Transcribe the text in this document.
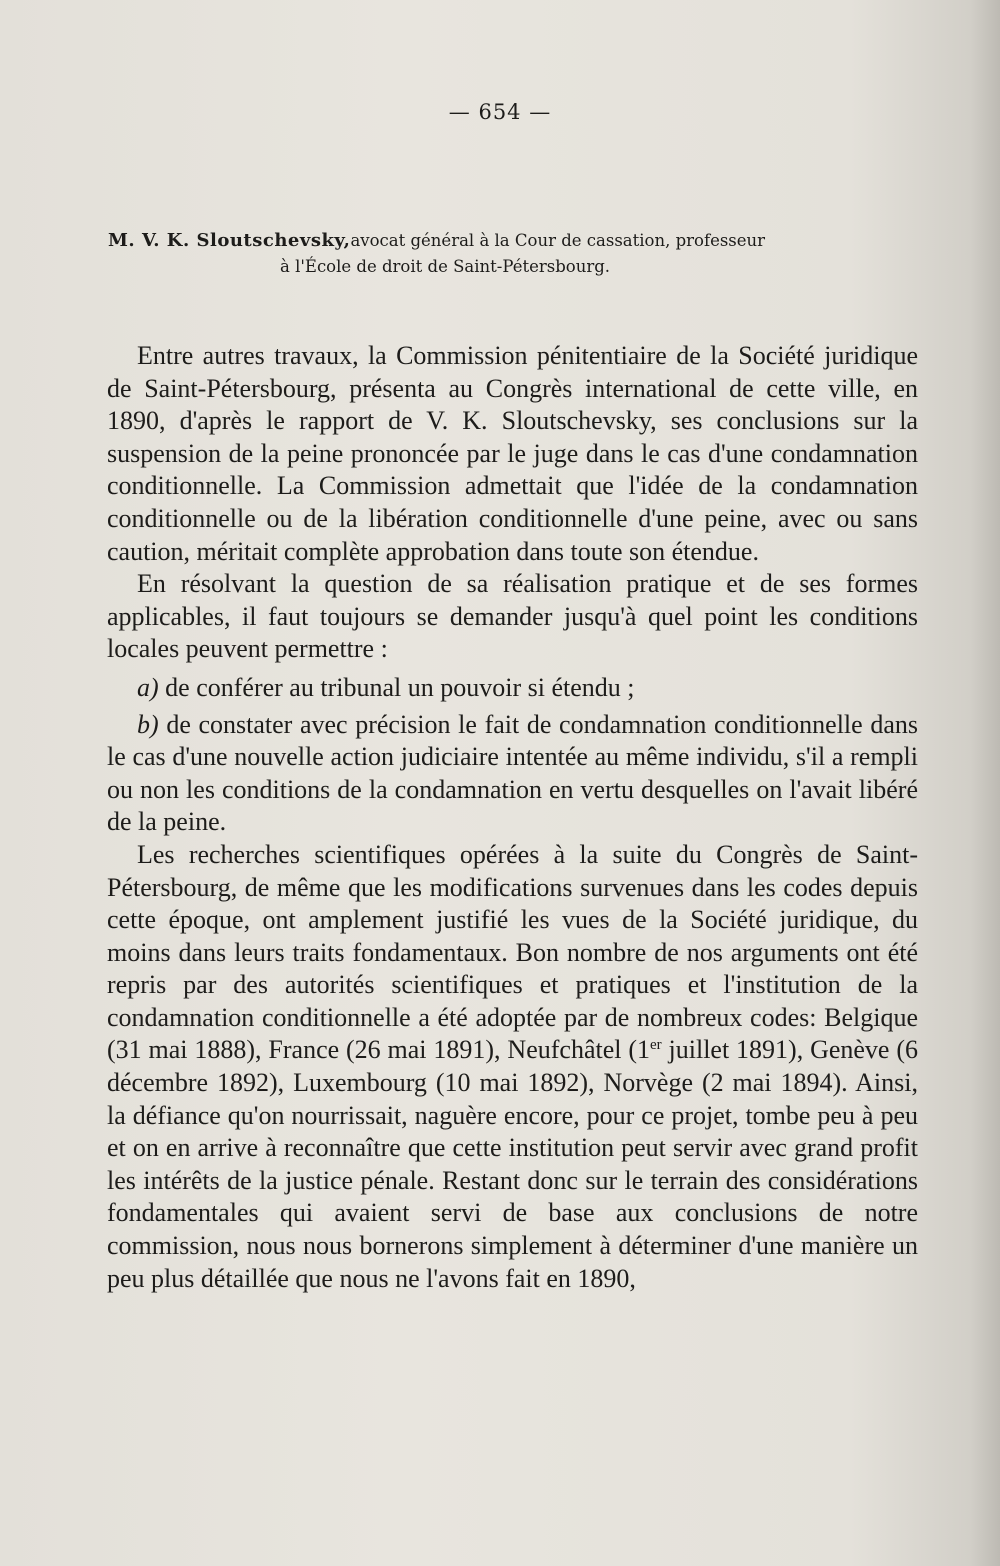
— 654 —
M. V. K. Sloutschevsky,avocat général à la Cour de cassation, professeur
à l'École de droit de Saint-Pétersbourg.

Entre autres travaux, la Commission pénitentiaire de la Société juridique de Saint-Pétersbourg, présenta au Congrès international de cette ville, en 1890, d'après le rapport de V. K. Sloutschevsky, ses conclusions sur la suspension de la peine prononcée par le juge dans le cas d'une condamnation conditionnelle. La Commission admettait que l'idée de la condamnation conditionnelle ou de la libération conditionnelle d'une peine, avec ou sans caution, méritait complète approbation dans toute son étendue.

En résolvant la question de sa réalisation pratique et de ses formes applicables, il faut toujours se demander jusqu'à quel point les conditions locales peuvent permettre :

a) de conférer au tribunal un pouvoir si étendu ;

b) de constater avec précision le fait de condamnation conditionnelle dans le cas d'une nouvelle action judiciaire intentée au même individu, s'il a rempli ou non les conditions de la condamnation en vertu desquelles on l'avait libéré de la peine.

Les recherches scientifiques opérées à la suite du Congrès de Saint-Pétersbourg, de même que les modifications survenues dans les codes depuis cette époque, ont amplement justifié les vues de la Société juridique, du moins dans leurs traits fondamentaux. Bon nombre de nos arguments ont été repris par des autorités scientifiques et pratiques et l'institution de la condamnation conditionnelle a été adoptée par de nombreux codes: Belgique (31 mai 1888), France (26 mai 1891), Neufchâtel (1er juillet 1891), Genève (6 décembre 1892), Luxembourg (10 mai 1892), Norvège (2 mai 1894). Ainsi, la défiance qu'on nourrissait, naguère encore, pour ce projet, tombe peu à peu et on en arrive à reconnaître que cette institution peut servir avec grand profit les intérêts de la justice pénale. Restant donc sur le terrain des considérations fondamentales qui avaient servi de base aux conclusions de notre commission, nous nous bornerons simplement à déterminer d'une manière un peu plus détaillée que nous ne l'avons fait en 1890,
